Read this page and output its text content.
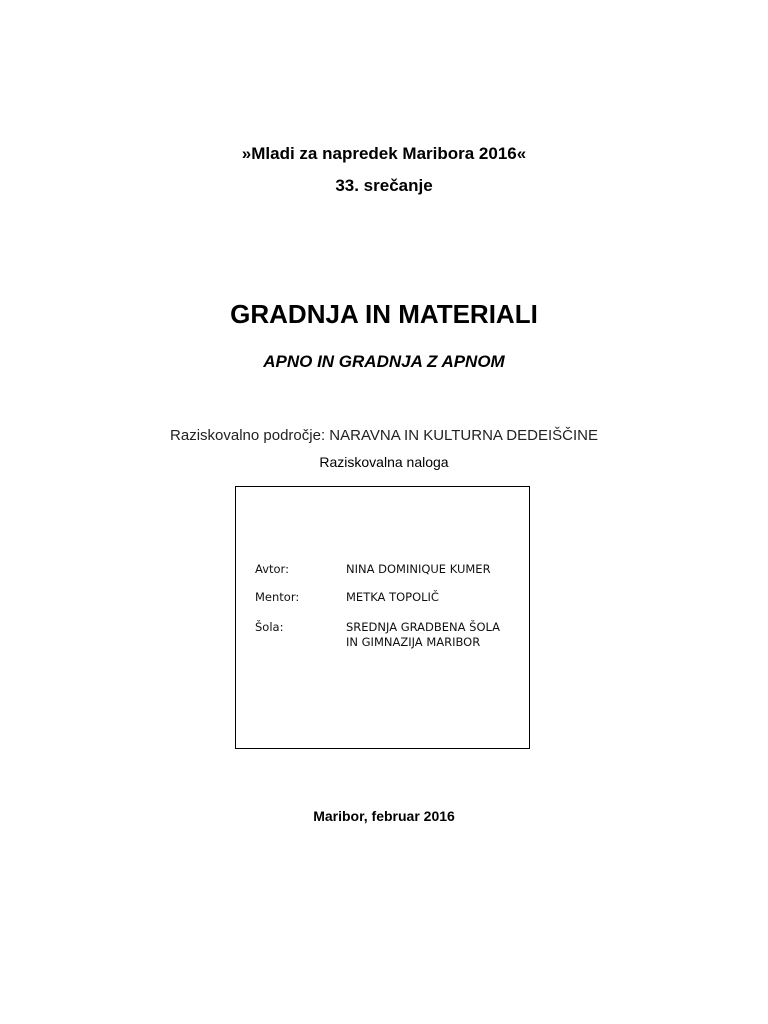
»Mladi za napredek Maribora 2016«
33. srečanje
GRADNJA IN MATERIALI
APNO IN GRADNJA Z APNOM
Raziskovalno področje: NARAVNA IN KULTURNA DEDEIŠČINE
Raziskovalna naloga
Avtor:	NINA DOMINIQUE KUMER
Mentor:	METKA TOPOLIČ
Šola:	SREDNJA GRADBENA ŠOLA
IN GIMNAZIJA MARIBOR
Maribor, februar 2016
